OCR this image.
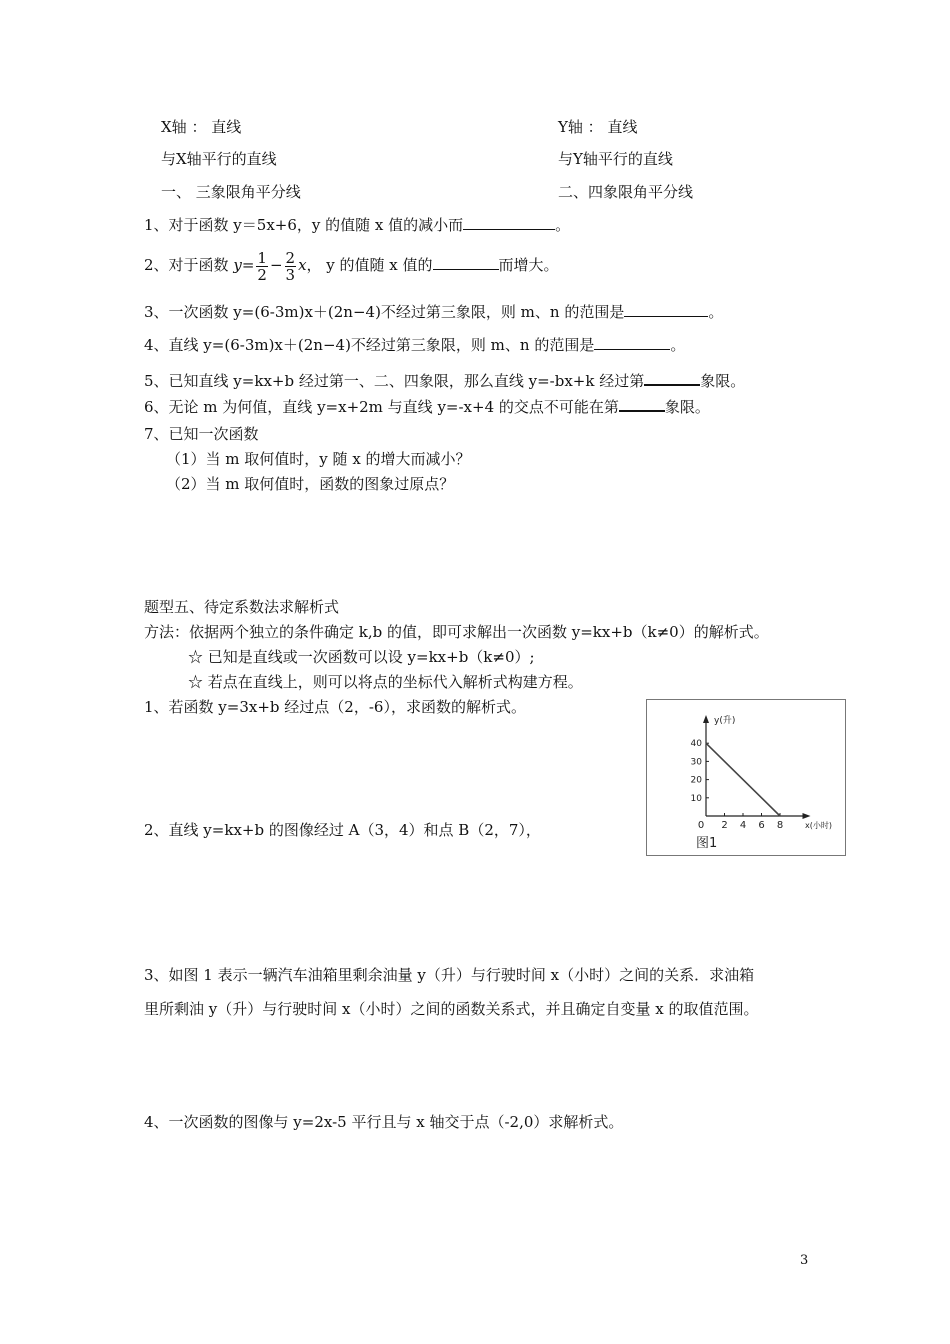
X轴 ： 直线	Y轴 ： 直线
与X轴平行的直线	与Y轴平行的直线
一、 三象限角平分线	二、四象限角平分线
1、对于函数 y＝5x+6，y 的值随 x 值的减小而	。
2、对于函数 $y= \frac{1}{2} - \frac{2}{3}$ x， y 的值随 x 值的	而增大。
3、一次函数 y=(6-3m)x＋(2n−4)不经过第三象限，则 m、n 的范围是	。
4、直线 y=(6-3m)x＋(2n−4)不经过第三象限，则 m、n 的范围是	。
5、已知直线 y=kx+b 经过第一、二、四象限，那么直线 y=-bx+k 经过第	象限。
6、无论 m 为何值，直线 y=x+2m 与直线 y=-x+4 的交点不可能在第	象限。
7、已知一次函数
（1）当 m 取何值时，y 随 x 的增大而减小？
（2）当 m 取何值时，函数的图象过原点？
题型五、待定系数法求解析式
方法：依据两个独立的条件确定 k,b 的值，即可求解出一次函数 y=kx+b（k≠0）的解析式。
☆ 已知是直线或一次函数可以设 y=kx+b（k≠0）;
☆ 若点在直线上，则可以将点的坐标代入解析式构建方程。
1、若函数 y=3x+b 经过点（2，-6），求函数的解析式。
2、直线 y=kx+b 的图像经过 A（3，4）和点 B（2，7），
3、如图 1 表示一辆汽车油箱里剩余油量 y（升）与行驶时间 x（小时）之间的关系．求油箱
里所剩油 y（升）与行驶时间 x（小时）之间的函数关系式，并且确定自变量 x 的取值范围。
4、一次函数的图像与 y=2x-5 平行且与 x 轴交于点（-2,0）求解析式。
0 2 4 6 8
10
20
30
40
y(升)
x(小时)
图1
3
